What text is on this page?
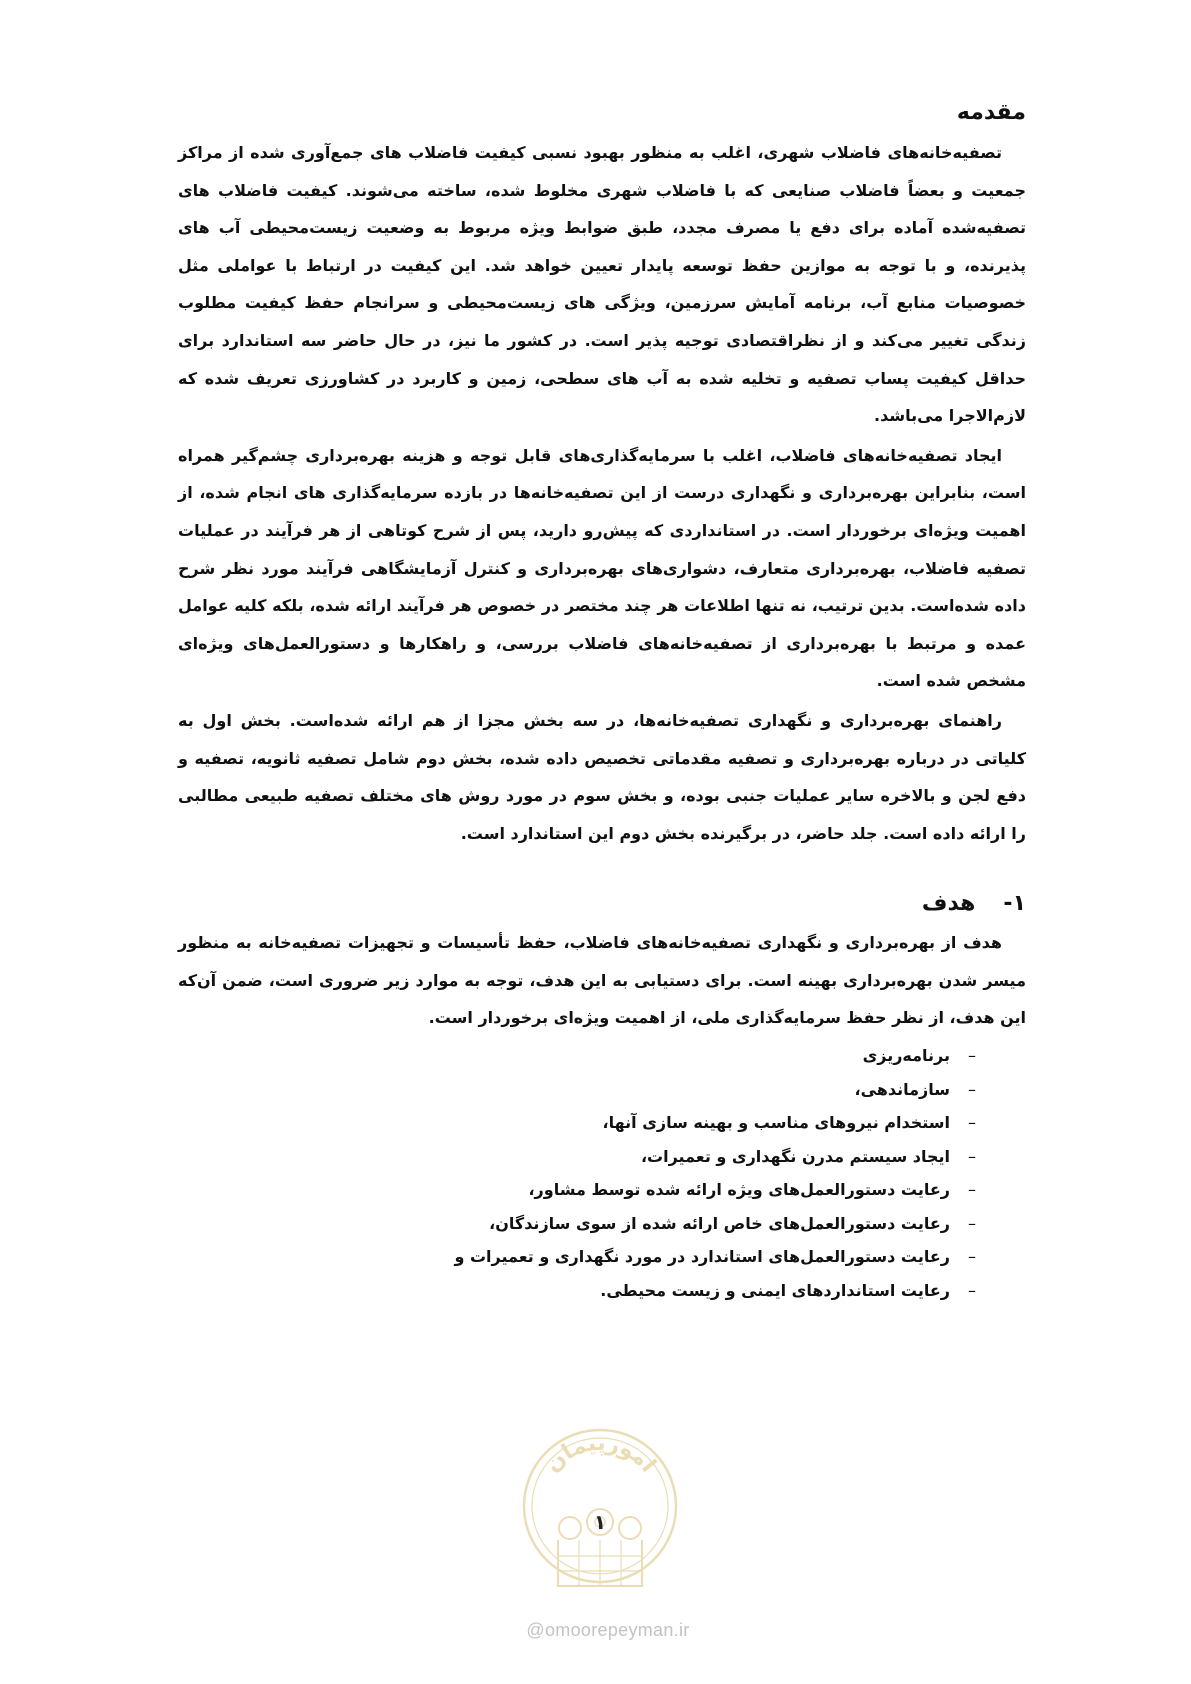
مقدمه

تصفیه‌خانه‌های فاضلاب شهری، اغلب به منظور بهبود نسبی کیفیت فاضلاب های جمع‌آوری شده از مراکز جمعیت و بعضاً فاضلاب صنایعی که با فاضلاب شهری مخلوط شده، ساخته می‌شوند. کیفیت فاضلاب های تصفیه‌شده آماده برای دفع یا مصرف مجدد، طبق ضوابط ویژه مربوط به وضعیت زیست‌محیطی آب های پذیرنده، و با توجه به موازین حفظ توسعه پایدار تعیین خواهد شد. این کیفیت در ارتباط با عواملی مثل خصوصیات منابع آب، برنامه آمایش سرزمین، ویژگی های زیست‌محیطی و سرانجام حفظ کیفیت مطلوب زندگی تغییر می‌کند و از نظراقتصادی توجیه پذیر است. در کشور ما نیز، در حال حاضر سه استاندارد برای حداقل کیفیت پساب تصفیه و تخلیه شده به آب های سطحی، زمین و کاربرد در کشاورزی تعریف شده که لازم‌الاجرا می‌باشد.

ایجاد تصفیه‌خانه‌های فاضلاب، اغلب با سرمایه‌گذاری‌های قابل توجه و هزینه بهره‌برداری چشم‌گیر همراه است، بنابراین بهره‌برداری و نگهداری درست از این تصفیه‌خانه‌ها در بازده سرمایه‌گذاری های انجام شده، از اهمیت ویژه‌ای برخوردار است. در استانداردی که پیش‌رو دارید، پس از شرح کوتاهی از هر فرآیند در عملیات تصفیه فاضلاب، بهره‌برداری متعارف، دشواری‌های بهره‌برداری و کنترل آزمایشگاهی فرآیند مورد نظر شرح داده شده‌است. بدین ترتیب، نه تنها اطلاعات هر چند مختصر در خصوص هر فرآیند ارائه شده، بلکه کلیه عوامل عمده و مرتبط با بهره‌برداری از تصفیه‌خانه‌های فاضلاب بررسی، و راهکارها و دستورالعمل‌های ویژه‌ای مشخص شده است.

راهنمای بهره‌برداری و نگهداری تصفیه‌خانه‌ها، در سه بخش مجزا از هم ارائه شده‌است. بخش اول به کلیاتی در درباره بهره‌برداری و تصفیه مقدماتی تخصیص داده شده، بخش دوم شامل تصفیه ثانویه، تصفیه و دفع لجن و بالاخره سایر عملیات جنبی بوده، و بخش سوم در مورد روش های مختلف تصفیه طبیعی مطالبی را ارائه داده است. جلد حاضر، در برگیرنده بخش دوم این استاندارد است.

۱-
هدف

هدف از بهره‌برداری و نگهداری تصفیه‌خانه‌های فاضلاب، حفظ تأسیسات و تجهیزات تصفیه‌خانه به منظور میسر شدن بهره‌برداری بهینه است. برای دستیابی به این هدف، توجه به موارد زیر ضروری است، ضمن آن‌که این هدف، از نظر حفظ سرمایه‌گذاری ملی، از اهمیت ویژه‌ای برخوردار است.

–
برنامه‌ریزی
–
سازماندهی،
–
استخدام نیروهای مناسب و بهینه سازی آنها،
–
ایجاد سیستم مدرن نگهداری و تعمیرات،
–
رعایت دستورالعمل‌های ویژه ارائه شده توسط مشاور،
–
رعایت دستورالعمل‌های خاص ارائه شده از سوی سازندگان،
–
رعایت دستورالعمل‌های استاندارد در مورد نگهداری و تعمیرات و
–
رعایت استانداردهای ایمنی و زیست محیطی.
امورپیمان
۱
@omoorepeyman.ir
